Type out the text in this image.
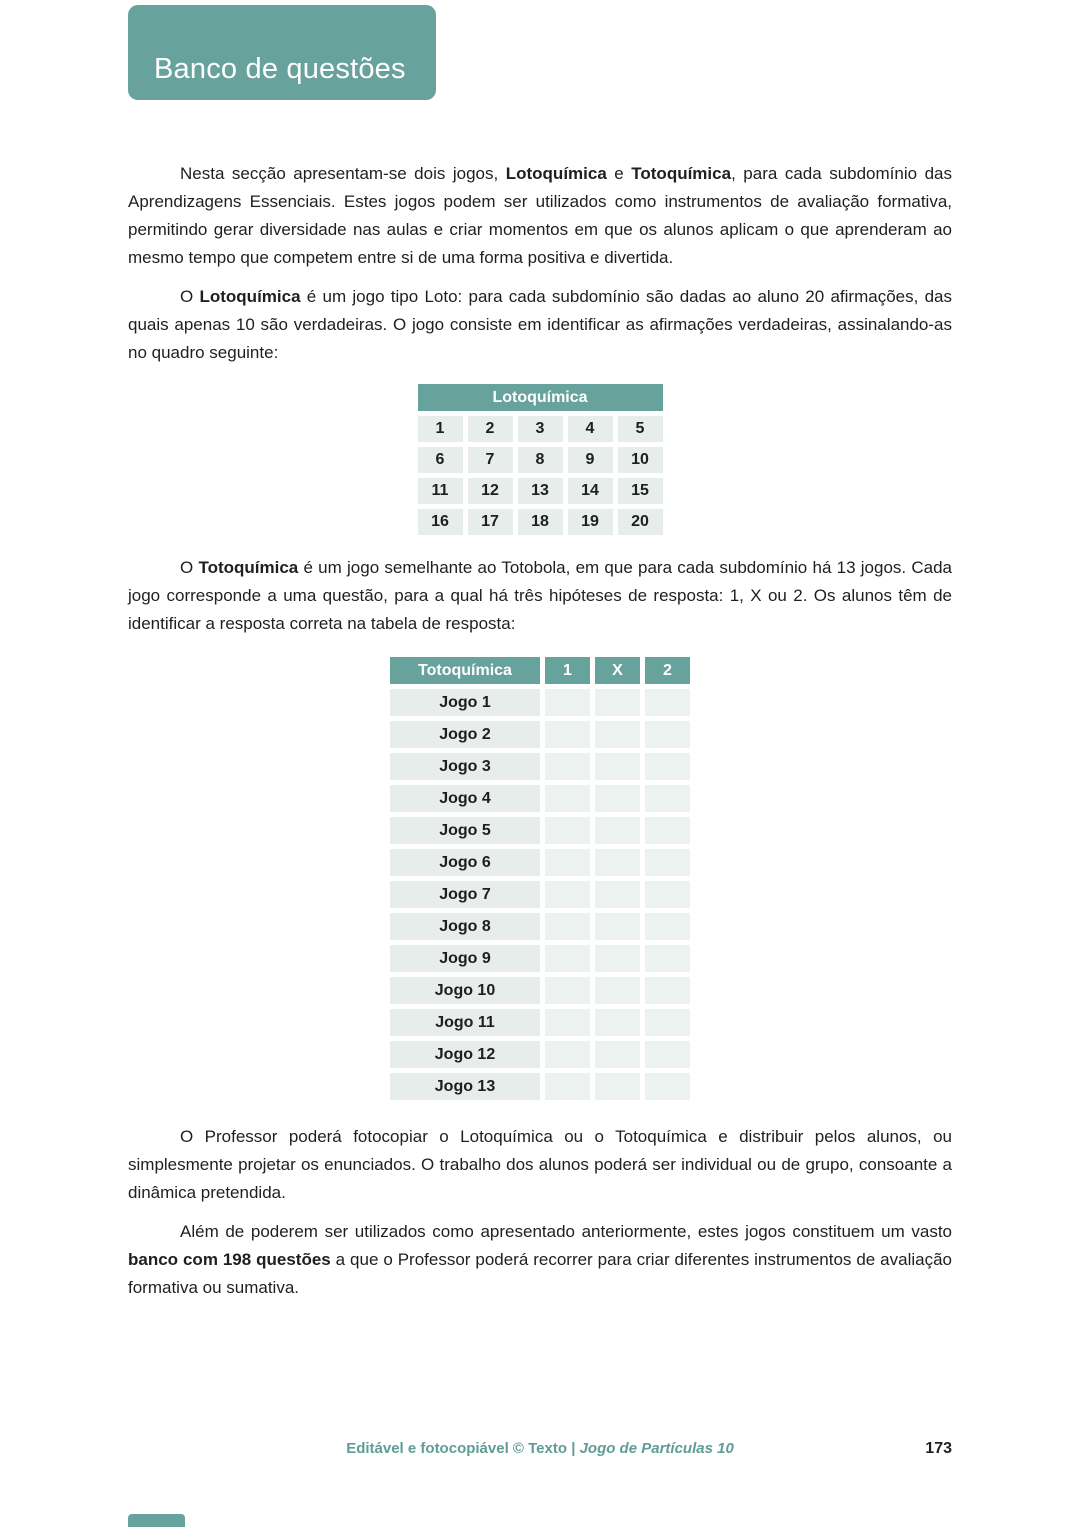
Banco de questões

Nesta secção apresentam-se dois jogos, Lotoquímica e Totoquímica, para cada subdomínio das Aprendizagens Essenciais. Estes jogos podem ser utilizados como instrumentos de avaliação formativa, permitindo gerar diversidade nas aulas e criar momentos em que os alunos aplicam o que aprenderam ao mesmo tempo que competem entre si de uma forma positiva e divertida.

O Lotoquímica é um jogo tipo Loto: para cada subdomínio são dadas ao aluno 20 afirmações, das quais apenas 10 são verdadeiras. O jogo consiste em identificar as afirmações verdadeiras, assinalando-as no quadro seguinte:

Lotoquímica				
1	2	3	4	5
6	7	8	9	10
11	12	13	14	15
16	17	18	19	20

O Totoquímica é um jogo semelhante ao Totobola, em que para cada subdomínio há 13 jogos. Cada jogo corresponde a uma questão, para a qual há três hipóteses de resposta: 1, X ou 2. Os alunos têm de identificar a resposta correta na tabela de resposta:

Totoquímica	1	X	2
Jogo 1			
Jogo 2			
Jogo 3			
Jogo 4			
Jogo 5			
Jogo 6			
Jogo 7			
Jogo 8			
Jogo 9			
Jogo 10			
Jogo 11			
Jogo 12			
Jogo 13			

O Professor poderá fotocopiar o Lotoquímica ou o Totoquímica e distribuir pelos alunos, ou simplesmente projetar os enunciados. O trabalho dos alunos poderá ser individual ou de grupo, consoante a dinâmica pretendida.

Além de poderem ser utilizados como apresentado anteriormente, estes jogos constituem um vasto banco com 198 questões a que o Professor poderá recorrer para criar diferentes instrumentos de avaliação formativa ou sumativa.

Editável e fotocopiável © Texto | Jogo de Partículas 10	173
